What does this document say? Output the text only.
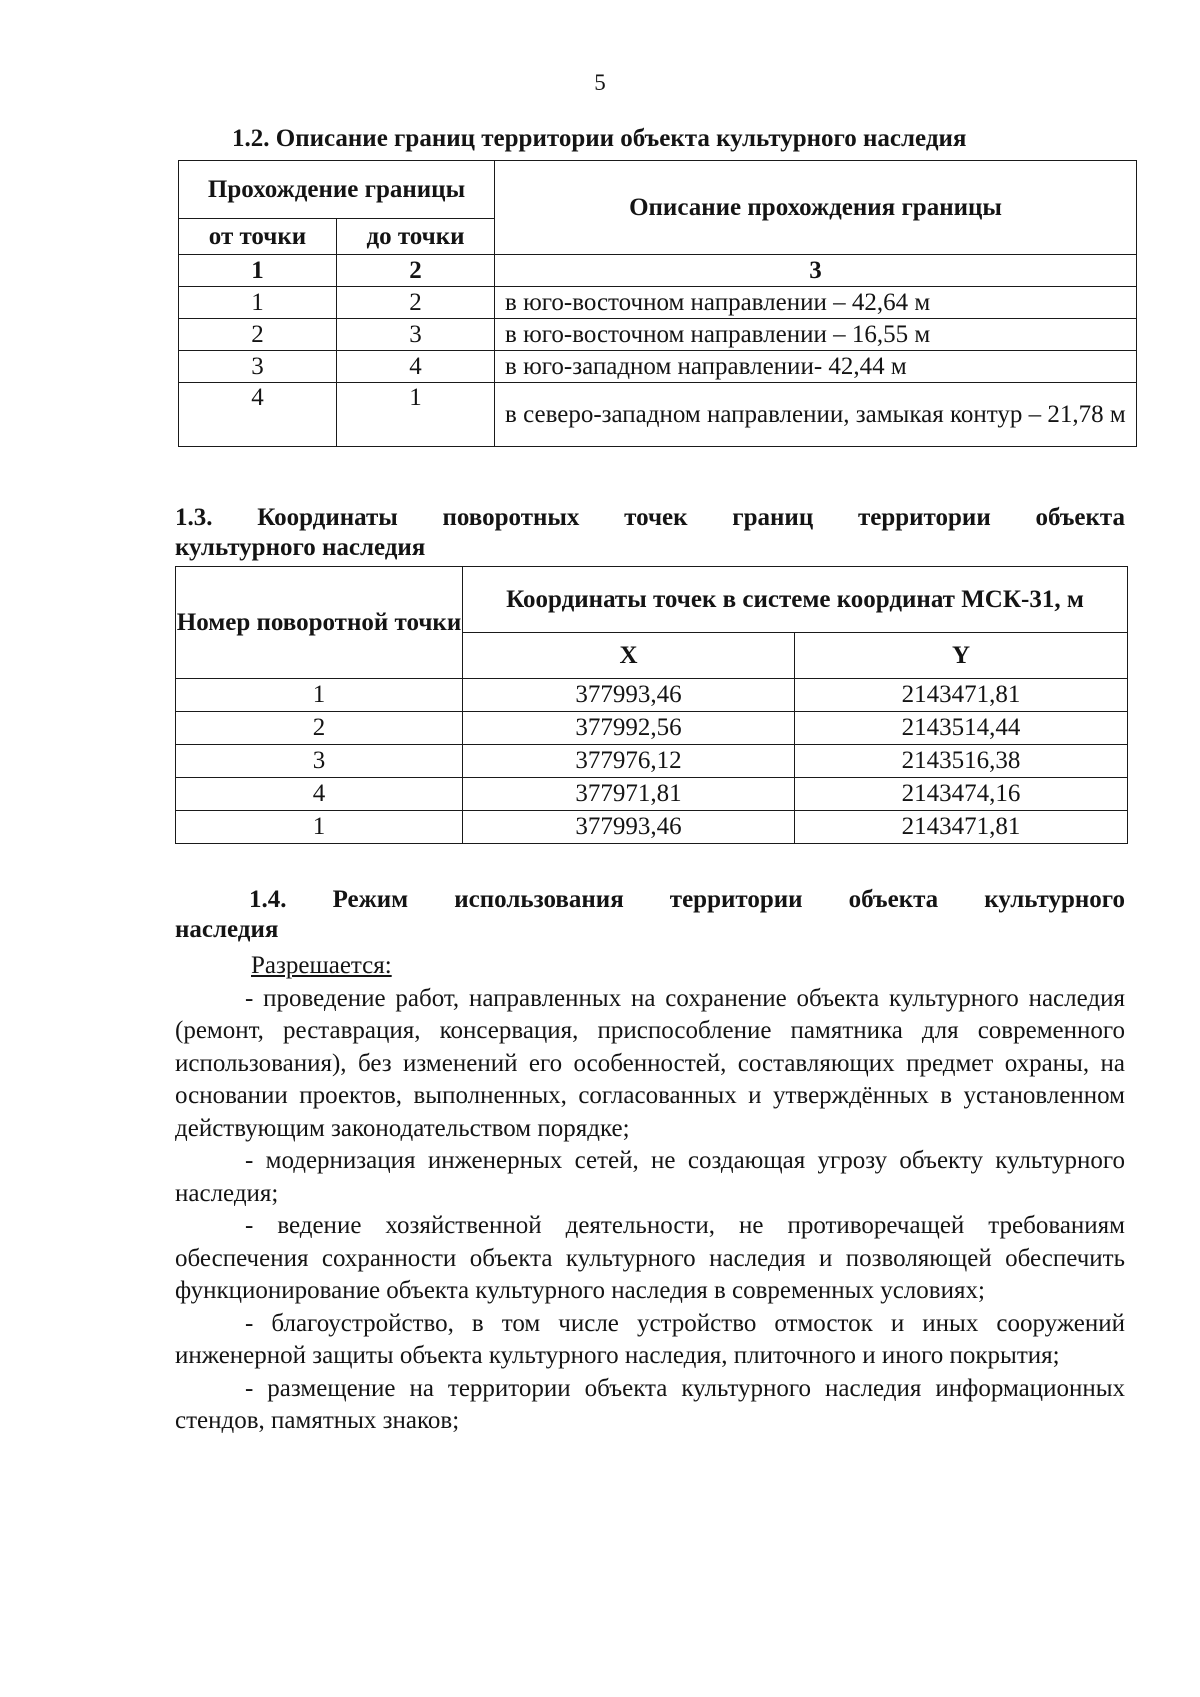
5
1.2. Описание границ территории объекта культурного наследия
Прохождение границы		Описание прохождения границы
от точки	до точки	
1	2	3
1	2	в юго-восточном направлении – 42,64 м
2	3	в юго-восточном направлении – 16,55 м
3	4	в юго-западном направлении- 42,44 м
4	1	в северо-западном направлении, замыкая контур – 21,78 м
1.3. Координаты поворотных точек границ территории объекта
культурного наследия
Номер поворотной точки	Координаты точек в системе координат МСК-31, м	
	X	Y
1	377993,46	2143471,81
2	377992,56	2143514,44
3	377976,12	2143516,38
4	377971,81	2143474,16
1	377993,46	2143471,81
1.4. Режим использования территории объекта культурного
наследия

Разрешается:

- проведение работ, направленных на сохранение объекта культурного наследия (ремонт, реставрация, консервация, приспособление памятника для современного использования), без изменений его особенностей, составляющих предмет охраны, на основании проектов, выполненных, согласованных и утверждённых в установленном действующим законодательством порядке;

- модернизация инженерных сетей, не создающая угрозу объекту культурного наследия;

- ведение хозяйственной деятельности, не противоречащей требованиям обеспечения сохранности объекта культурного наследия и позволяющей обеспечить функционирование объекта культурного наследия в современных условиях;

- благоустройство, в том числе устройство отмосток и иных сооружений инженерной защиты объекта культурного наследия, плиточного и иного покрытия;

- размещение на территории объекта культурного наследия информационных стендов, памятных знаков;
